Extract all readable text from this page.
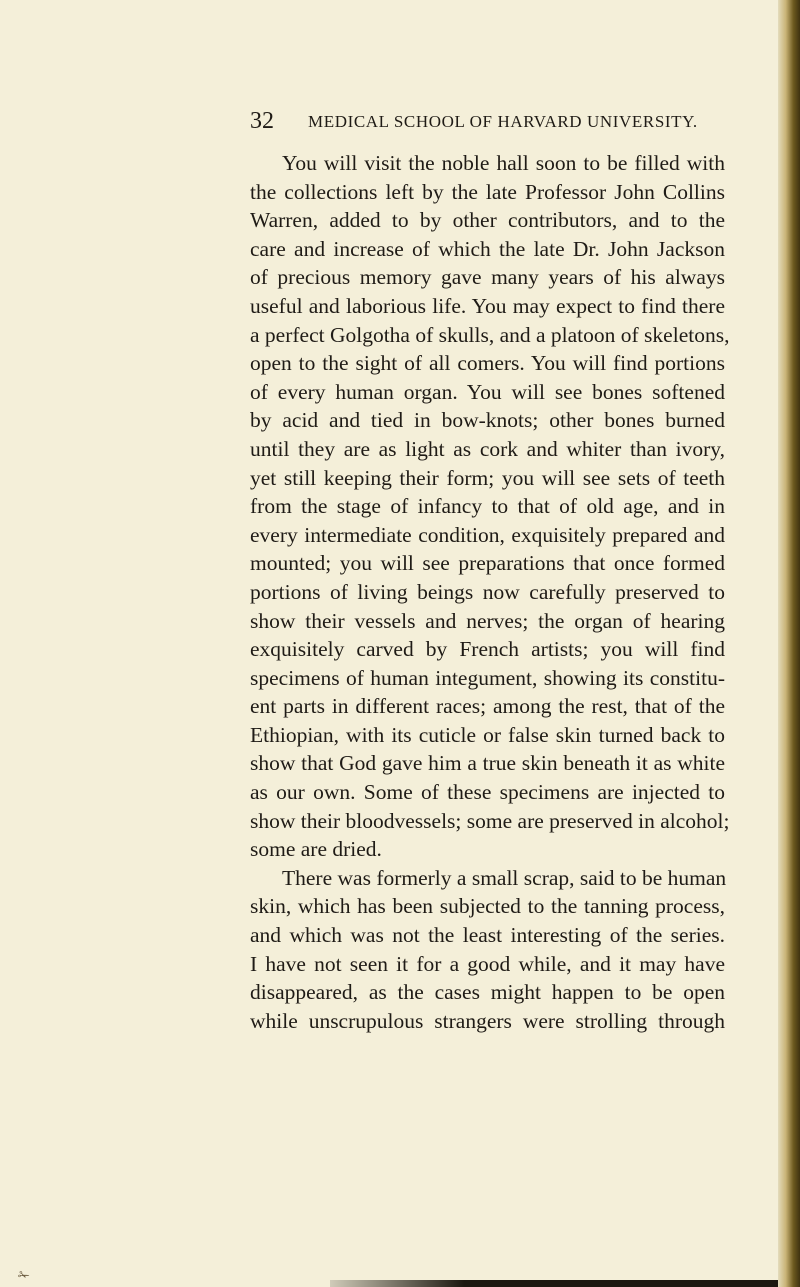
32 MEDICAL SCHOOL OF HARVARD UNIVERSITY.
You will visit the noble hall soon to be filled with
the collections left by the late Professor John Collins
Warren, added to by other contributors, and to the
care and increase of which the late Dr. John Jackson
of precious memory gave many years of his always
useful and laborious life. You may expect to find there
a perfect Golgotha of skulls, and a platoon of skeletons,
open to the sight of all comers. You will find portions
of every human organ. You will see bones softened
by acid and tied in bow-knots; other bones burned
until they are as light as cork and whiter than ivory,
yet still keeping their form; you will see sets of teeth
from the stage of infancy to that of old age, and in
every intermediate condition, exquisitely prepared and
mounted; you will see preparations that once formed
portions of living beings now carefully preserved to
show their vessels and nerves; the organ of hearing
exquisitely carved by French artists; you will find
specimens of human integument, showing its constitu-
ent parts in different races; among the rest, that of the
Ethiopian, with its cuticle or false skin turned back to
show that God gave him a true skin beneath it as white
as our own. Some of these specimens are injected to
show their bloodvessels; some are preserved in alcohol;
some are dried.
There was formerly a small scrap, said to be human
skin, which has been subjected to the tanning process,
and which was not the least interesting of the series.
I have not seen it for a good while, and it may have
disappeared, as the cases might happen to be open
while unscrupulous strangers were strolling through
✁
